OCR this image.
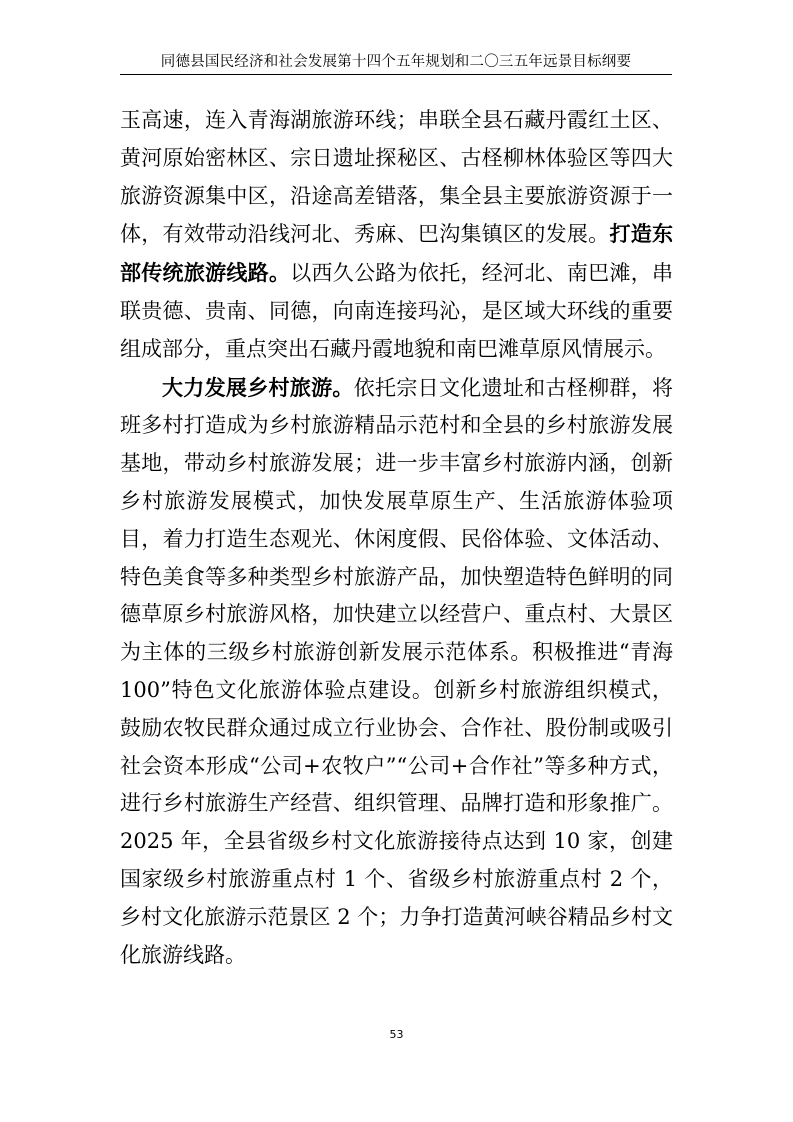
同德县国民经济和社会发展第十四个五年规划和二〇三五年远景目标纲要

玉高速，连入青海湖旅游环线；串联全县石藏丹霞红土区、黄河原始密林区、宗日遗址探秘区、古柽柳林体验区等四大旅游资源集中区，沿途高差错落，集全县主要旅游资源于一体，有效带动沿线河北、秀麻、巴沟集镇区的发展。打造东部传统旅游线路。以西久公路为依托，经河北、南巴滩，串联贵德、贵南、同德，向南连接玛沁，是区域大环线的重要组成部分，重点突出石藏丹霞地貌和南巴滩草原风情展示。

大力发展乡村旅游。依托宗日文化遗址和古柽柳群，将班多村打造成为乡村旅游精品示范村和全县的乡村旅游发展基地，带动乡村旅游发展；进一步丰富乡村旅游内涵，创新乡村旅游发展模式，加快发展草原生产、生活旅游体验项目，着力打造生态观光、休闲度假、民俗体验、文体活动、特色美食等多种类型乡村旅游产品，加快塑造特色鲜明的同德草原乡村旅游风格，加快建立以经营户、重点村、大景区为主体的三级乡村旅游创新发展示范体系。积极推进“青海100”特色文化旅游体验点建设。创新乡村旅游组织模式，鼓励农牧民群众通过成立行业协会、合作社、股份制或吸引社会资本形成“公司+农牧户”“公司+合作社”等多种方式，进行乡村旅游生产经营、组织管理、品牌打造和形象推广。2025 年，全县省级乡村文化旅游接待点达到 10 家，创建国家级乡村旅游重点村 1 个、省级乡村旅游重点村 2 个，乡村文化旅游示范景区 2 个；力争打造黄河峡谷精品乡村文化旅游线路。

53
